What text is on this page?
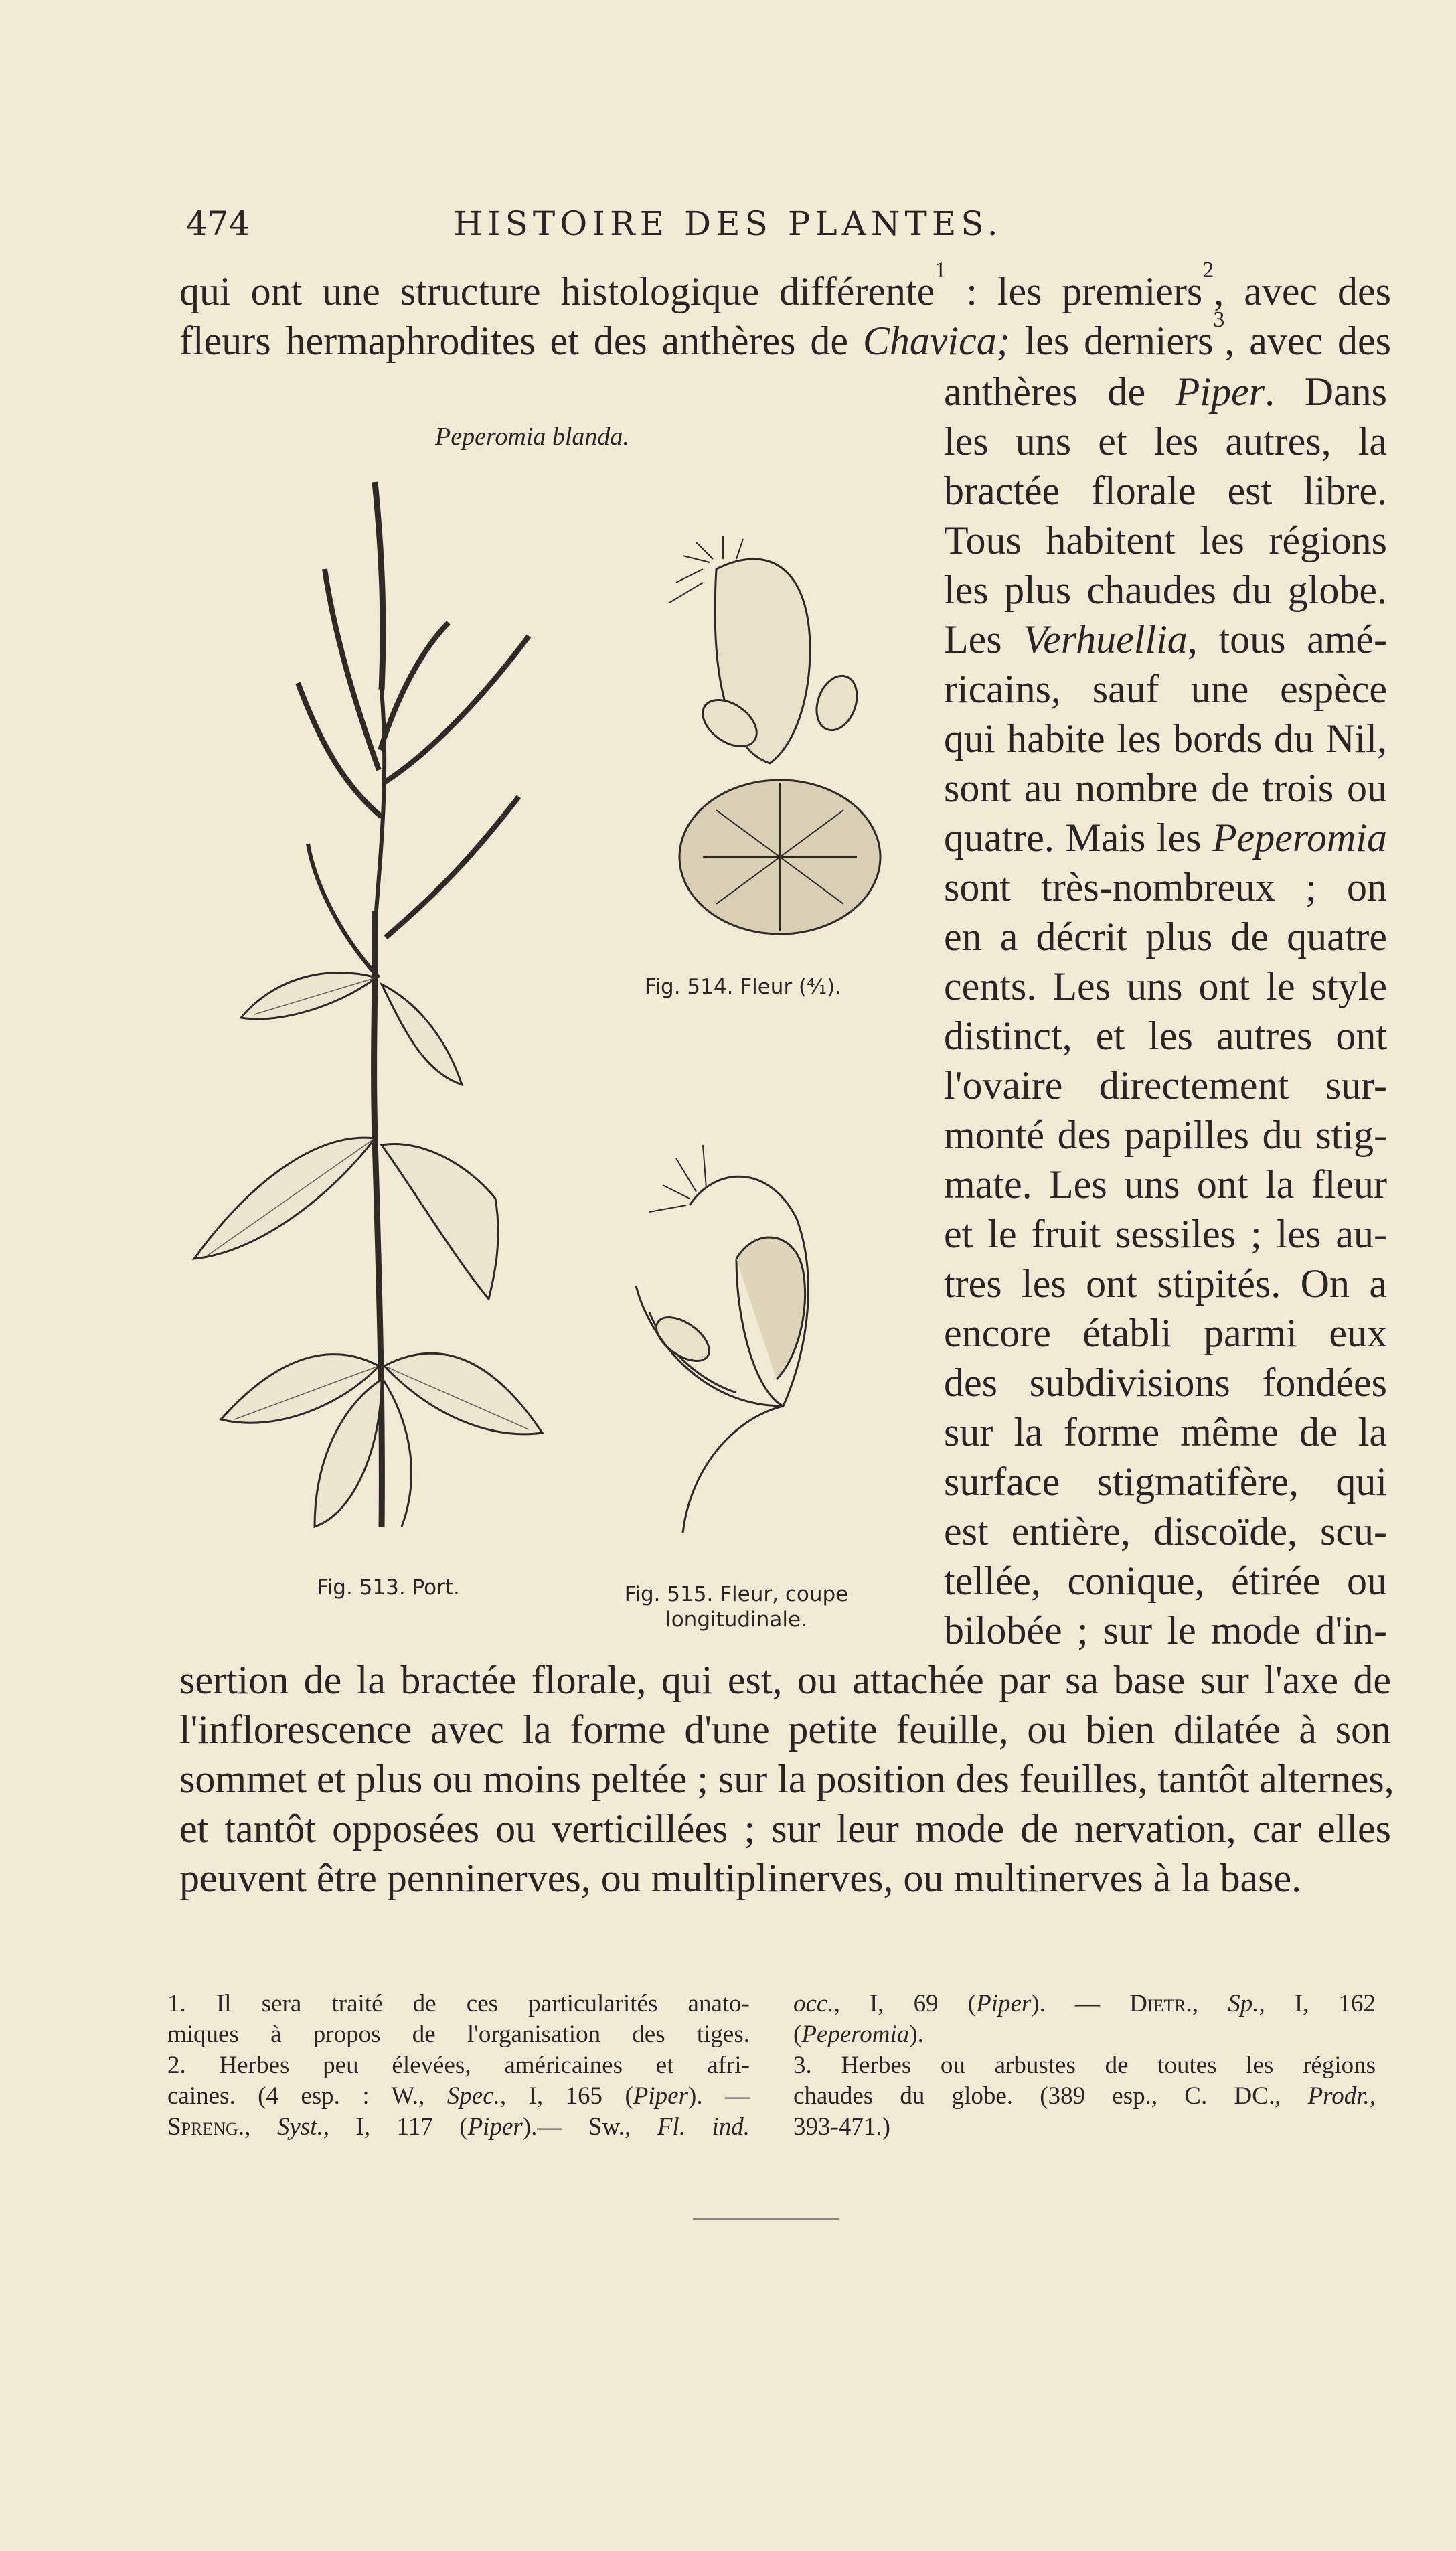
474	HISTOIRE DES PLANTES.
qui ont une structure histologique différente$^1$ : les premiers$^2$, avec des
fleurs hermaphrodites et des anthères de Chavica; les derniers$^3$, avec des
anthères de Piper. Dans
les uns et les autres, la
bractée florale est libre.
Tous habitent les régions
les plus chaudes du globe.
Les Verhuellia, tous amé-
ricains, sauf une espèce
qui habite les bords du Nil,
sont au nombre de trois ou
quatre. Mais les Peperomia
sont très-nombreux ; on
en a décrit plus de quatre
cents. Les uns ont le style
distinct, et les autres ont
l'ovaire directement sur-
monté des papilles du stig-
mate. Les uns ont la fleur
et le fruit sessiles ; les au-
tres les ont stipités. On a
encore établi parmi eux
des subdivisions fondées
sur la forme même de la
surface stigmatifère, qui
est entière, discoïde, scu-
tellée, conique, étirée ou
bilobée ; sur le mode d'in-
sertion de la bractée florale, qui est, ou attachée par sa base sur l'axe de
l'inflorescence avec la forme d'une petite feuille, ou bien dilatée à son
sommet et plus ou moins peltée ; sur la position des feuilles, tantôt alternes,
et tantôt opposées ou verticillées ; sur leur mode de nervation, car elles
peuvent être penninerves, ou multiplinerves, ou multinerves à la base.
Peperomia blanda.
Fig. 514. Fleur (⁴⁄₁).
Fig. 513. Port.	Fig. 515. Fleur, coupe
longitudinale.
1. Il sera traité de ces particularités anato-
miques à propos de l'organisation des tiges.
2. Herbes peu élevées, américaines et afri-
caines. (4 esp. : W., Spec., I, 165 (Piper). —
Spreng., Syst., I, 117 (Piper).— Sw., Fl. ind.
occ., I, 69 (Piper). — Dietr., Sp., I, 162
(Peperomia).
3. Herbes ou arbustes de toutes les régions
chaudes du globe. (389 esp., C. DC., Prodr.,
393-471.)
